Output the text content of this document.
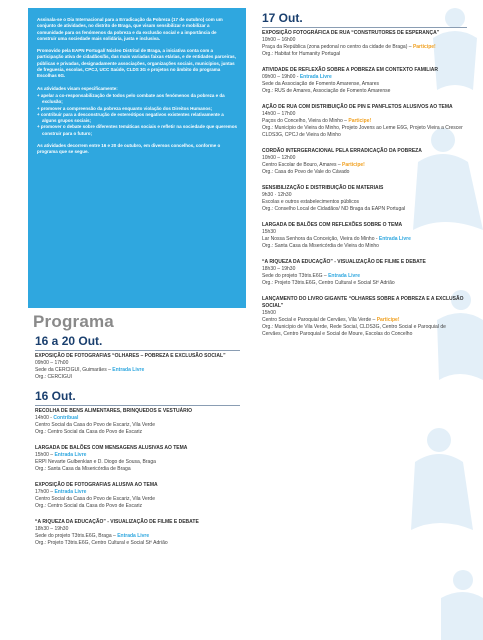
Assinala-se o Dia Internacional para a Erradicação da Pobreza (17 de outubro) com um conjunto de atividades, no distrito de Braga, que visam sensibilizar e mobilizar a comunidade para os fenómenos da pobreza e da exclusão social e a importância de construir uma sociedade mais solidária, justa e inclusiva.

Promovido pela EAPN Portugal/ Núcleo Distrital de Braga, a iniciativa conta com a participação ativa de cidadãos/ãs, das mais variadas faixas etárias, e de entidades parceiras, públicas e privadas, designadamente associações, organizações sociais, municípios, juntas de freguesia, escolas, CPCJ, UCC Saúde, CLDS 3G e projetos no âmbito do programa Escolhas 6G.

As atividades visam especificamente:

+ apelar a co-responsabilização de todos pelo combate aos fenómenos da pobreza e da exclusão;
+ promover a compreensão da pobreza enquanto violação dos Direitos Humanos;
+ contribuir para a desconstrução de estereótipos negativos existentes relativamente a alguns grupos sociais;
+ promover o debate sobre diferentes temáticas sociais e refletir na sociedade que queremos construir para o futuro;

As atividades decorrem entre 16 e 20 de outubro, em diversos concelhos, conforme o programa que se segue.

Programa
16 a 20 Out.
EXPOSIÇÃO DE FOTOGRAFIAS “OLHARES – POBREZA E EXCLUSÃO SOCIAL”
09h00 – 17h00
Sede da CERCIGUI, Guimarães – Entrada Livre
Org.: CERCIGUI
16 Out.
RECOLHA DE BENS ALIMENTARES, BRINQUEDOS E VESTUÁRIO
14h00 - Contribual
Centro Social da Casa do Povo de Escariz, Vila Verde
Org.: Centro Social da Casa do Povo de Escariz
LARGADA DE BALÕES COM MENSAGENS ALUSIVAS AO TEMA
15h00 – Entrada Livre
ERPI Nevarte Gulbenkian e D. Diogo de Sousa, Braga
Org.: Santa Casa da Misericórdia de Braga
EXPOSIÇÃO DE FOTOGRAFIAS ALUSIVA AO TEMA
17h00 – Entrada Livre
Centro Social da Casa do Povo de Escariz, Vila Verde
Org.: Centro Social da Casa do Povo de Escariz
“A RIQUEZA DA EDUCAÇÃO” - VISUALIZAÇÃO DE FILME E DEBATE
18h30 – 19h30
Sede do projeto T3tris.E6G, Braga – Entrada Livre
Org.: Projeto T3tris.E6G, Centro Cultural e Social Stº Adrião
17 Out.
EXPOSIÇÃO FOTOGRÁFICA DE RUA “CONSTRUTORES DE ESPERANÇA”
10h00 – 16h00
Praça da República (zona pedonal no centro da cidade de Braga) – Participe!
Org.: Habitat for Humanity Portugal
ATIVIDADE DE REFLEXÃO SOBRE A POBREZA EM CONTEXTO FAMILIAR
09h00 – 19h00 - Entrada Livre
Sede da Associação de Fomento Amarense, Amares
Org.: RUS de Amares, Associação de Fomento Amarense
AÇÃO DE RUA COM DISTRIBUIÇÃO DE PIN E PANFLETOS ALUSIVOS AO TEMA
14h00 – 17h00
Paços do Concelho, Vieira do Minho – Participe!
Org.: Município de Vieira do Minho, Projeto Jovens ao Leme E6G, Projeto Vieira a Crescer CLDS3G, CPCJ de Vieira do Minho
CORDÃO INTERGERACIONAL PELA ERRADICAÇÃO DA POBREZA
10h00 – 12h00
Centro Escolar de Bouro, Amares – Participe!
Org.: Casa do Povo de Vale do Cávado
SENSIBILIZAÇÃO E DISTRIBUIÇÃO DE MATERIAIS
9h30 · 12h30
Escolas e outros estabelecimentos públicos
Org.: Conselho Local de Cidadãos/ ND Braga da EAPN Portugal
LARGADA DE BALÕES COM REFLEXÕES SOBRE O TEMA
15h30
Lar Nossa Senhora da Conceição, Vieira do Minho - Entrada Livre
Org.: Santa Casa da Misericórdia de Vieira do Minho
“A RIQUEZA DA EDUCAÇÃO” - VISUALIZAÇÃO DE FILME E DEBATE
18h30 – 19h30
Sede do projeto T3tris.E6G – Entrada Livre
Org.: Projeto T3tris.E6G, Centro Cultural e Social Stº Adrião
LANÇAMENTO DO LIVRO GIGANTE “OLHARES SOBRE A POBREZA E A EXCLUSÃO SOCIAL”
15h00
Centro Social e Paroquial de Cervães, Vila Verde – Participe!
Org.: Município de Vila Verde, Rede Social, CLDS3G, Centro Social e Paroquial de Cervães, Centro Paroquial e Social de Moure, Escolas do Concelho
